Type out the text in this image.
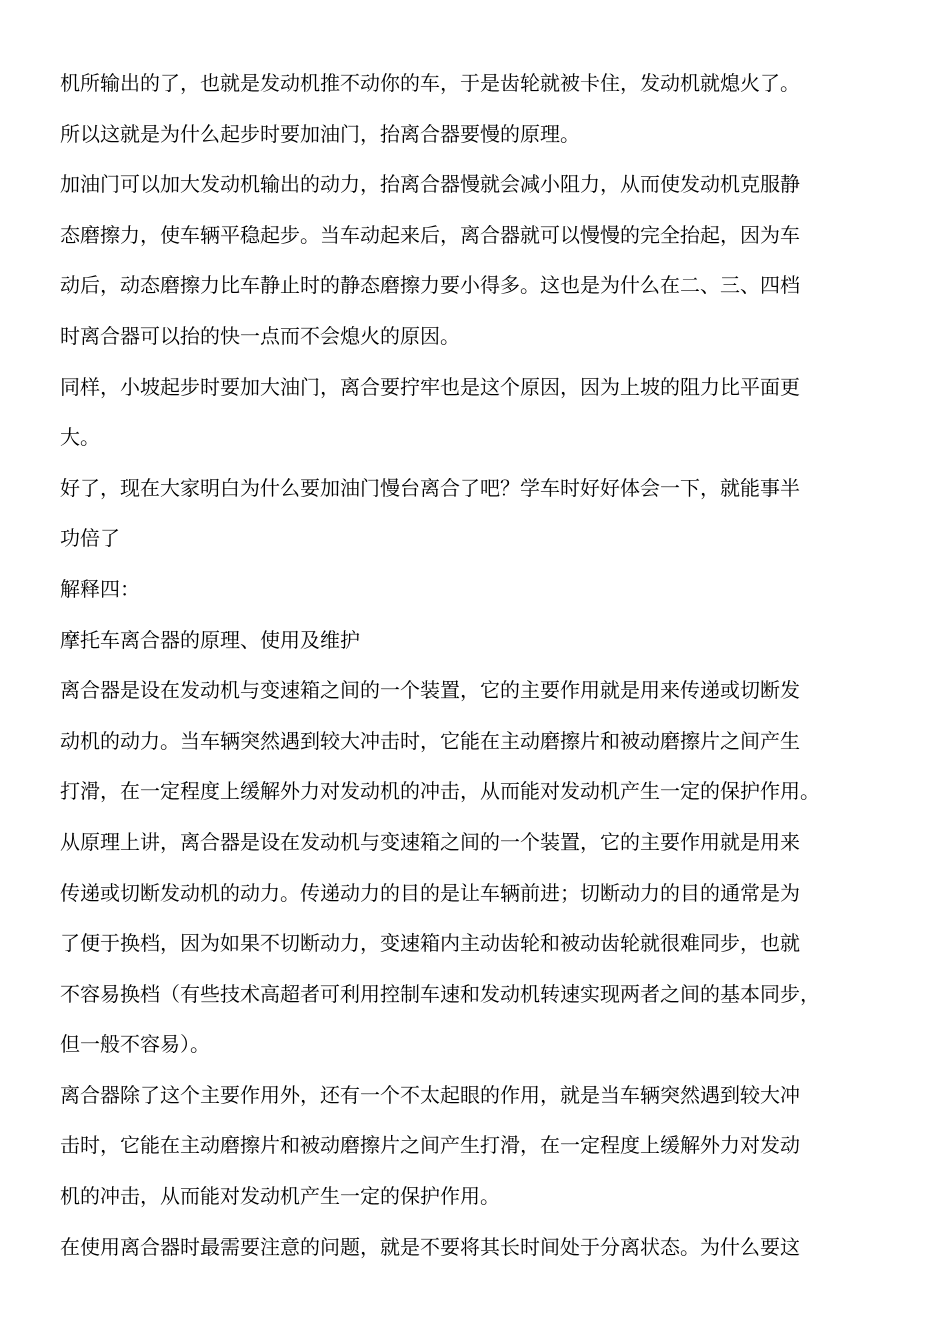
机所输出的了，也就是发动机推不动你的车，于是齿轮就被卡住，发动机就熄火了。
所以这就是为什么起步时要加油门，抬离合器要慢的原理。
加油门可以加大发动机输出的动力，抬离合器慢就会减小阻力，从而使发动机克服静
态磨擦力，使车辆平稳起步。当车动起来后，离合器就可以慢慢的完全抬起，因为车
动后，动态磨擦力比车静止时的静态磨擦力要小得多。这也是为什么在二、三、四档
时离合器可以抬的快一点而不会熄火的原因。
同样，小坡起步时要加大油门，离合要拧牢也是这个原因，因为上坡的阻力比平面更
大。
好了，现在大家明白为什么要加油门慢台离合了吧？学车时好好体会一下，就能事半
功倍了
解释四：
摩托车离合器的原理、使用及维护
离合器是设在发动机与变速箱之间的一个装置，它的主要作用就是用来传递或切断发
动机的动力。当车辆突然遇到较大冲击时，它能在主动磨擦片和被动磨擦片之间产生
打滑，在一定程度上缓解外力对发动机的冲击，从而能对发动机产生一定的保护作用。
从原理上讲，离合器是设在发动机与变速箱之间的一个装置，它的主要作用就是用来
传递或切断发动机的动力。传递动力的目的是让车辆前进；切断动力的目的通常是为
了便于换档，因为如果不切断动力，变速箱内主动齿轮和被动齿轮就很难同步，也就
不容易换档（有些技术高超者可利用控制车速和发动机转速实现两者之间的基本同步，
但一般不容易）。
离合器除了这个主要作用外，还有一个不太起眼的作用，就是当车辆突然遇到较大冲
击时，它能在主动磨擦片和被动磨擦片之间产生打滑，在一定程度上缓解外力对发动
机的冲击，从而能对发动机产生一定的保护作用。
在使用离合器时最需要注意的问题，就是不要将其长时间处于分离状态。为什么要这
